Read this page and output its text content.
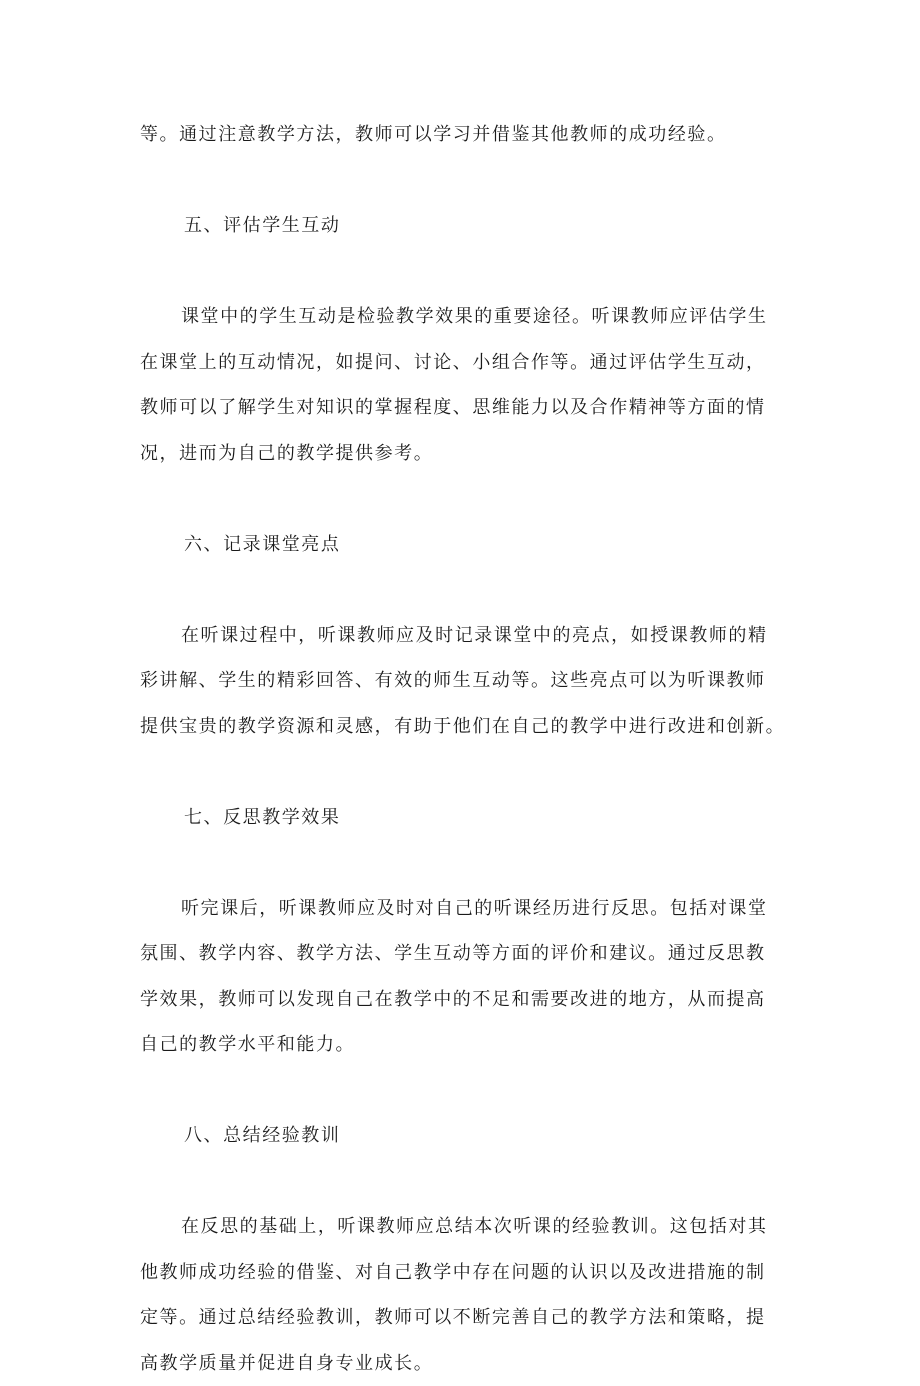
等。通过注意教学方法，教师可以学习并借鉴其他教师的成功经验。
五、评估学生互动
课堂中的学生互动是检验教学效果的重要途径。听课教师应评估学生
在课堂上的互动情况，如提问、讨论、小组合作等。通过评估学生互动，
教师可以了解学生对知识的掌握程度、思维能力以及合作精神等方面的情
况，进而为自己的教学提供参考。
六、记录课堂亮点
在听课过程中，听课教师应及时记录课堂中的亮点，如授课教师的精
彩讲解、学生的精彩回答、有效的师生互动等。这些亮点可以为听课教师
提供宝贵的教学资源和灵感，有助于他们在自己的教学中进行改进和创新。
七、反思教学效果
听完课后，听课教师应及时对自己的听课经历进行反思。包括对课堂
氛围、教学内容、教学方法、学生互动等方面的评价和建议。通过反思教
学效果，教师可以发现自己在教学中的不足和需要改进的地方，从而提高
自己的教学水平和能力。
八、总结经验教训
在反思的基础上，听课教师应总结本次听课的经验教训。这包括对其
他教师成功经验的借鉴、对自己教学中存在问题的认识以及改进措施的制
定等。通过总结经验教训，教师可以不断完善自己的教学方法和策略，提
高教学质量并促进自身专业成长。
